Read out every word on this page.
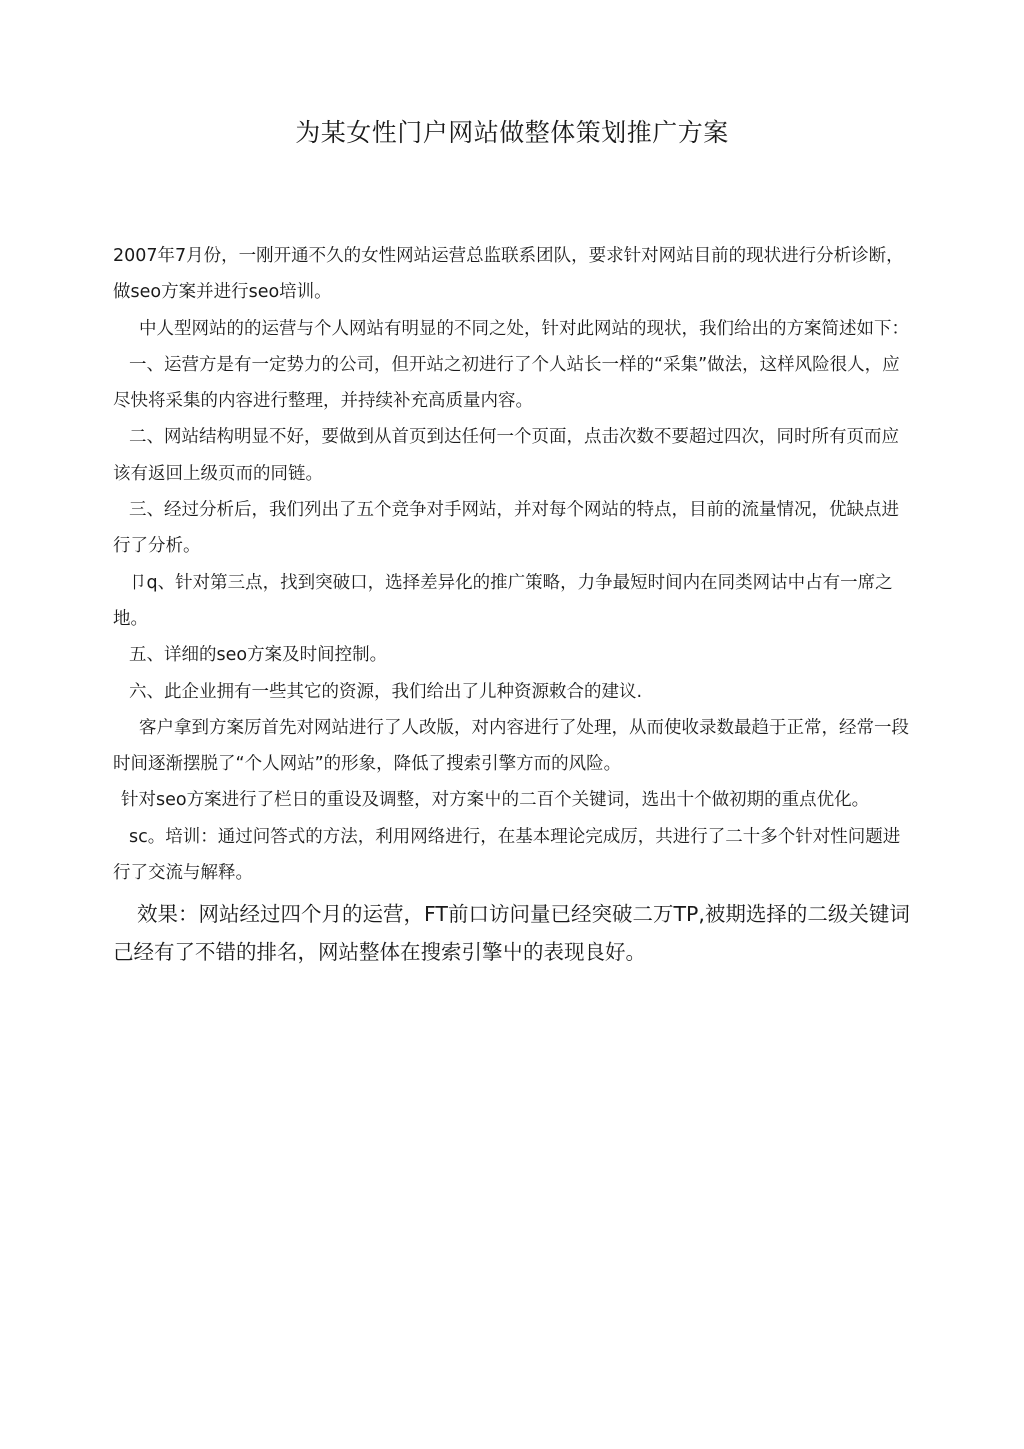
为某女性门户网站做整体策划推广方案

2007年7月份，一刚开通不久的女性网站运营总监联系团队，要求针对网站目前的现状进行分析诊断，做seo方案并进行seo培训。

中人型网站的的运营与个人网站有明显的不同之处，针对此网站的现状，我们给出的方案简述如下：

一、运营方是有一定势力的公司，但开站之初进行了个人站长一样的“采集”做法，这样风险很人，应尽快将采集的内容进行整理，并持续补充高质量内容。

二、网站结构明显不好，要做到从首页到达任何一个页面，点击次数不要超过四次，同时所有页而应该有返回上级页而的同链。

三、经过分析后，我们列出了五个竞争对手网站，并对每个网站的特点，目前的流量情况，优缺点进行了分析。

卩q、针对第三点，找到突破口，选择差异化的推广策略，力争最短时间内在同类网诂中占有一席之地。

五、详细的seo方案及时间控制。

六、此企业拥有一些其它的资源，我们给出了儿种资源敕合的建议.

客户拿到方案厉首先对网站进行了人改版，对内容进行了处理，从而使收录数最趋于正常，经常一段时间逐渐摆脱了“个人网站”的形象，降低了搜索引擎方而的风险。

针对seo方案进行了栏日的重设及调整，对方案屮的二百个关键词，选出十个做初期的重点优化。

sc。培训：通过问答式的方法，利用网络进行，在基本理论完成厉，共进行了二十多个针对性问题进行了交流与解释。

效果：网站经过四个月的运营，FT前口访问量已经突破二万TP,被期选择的二级关键词己经有了不错的排名，网站整体在搜索引擎屮的表现良好。
